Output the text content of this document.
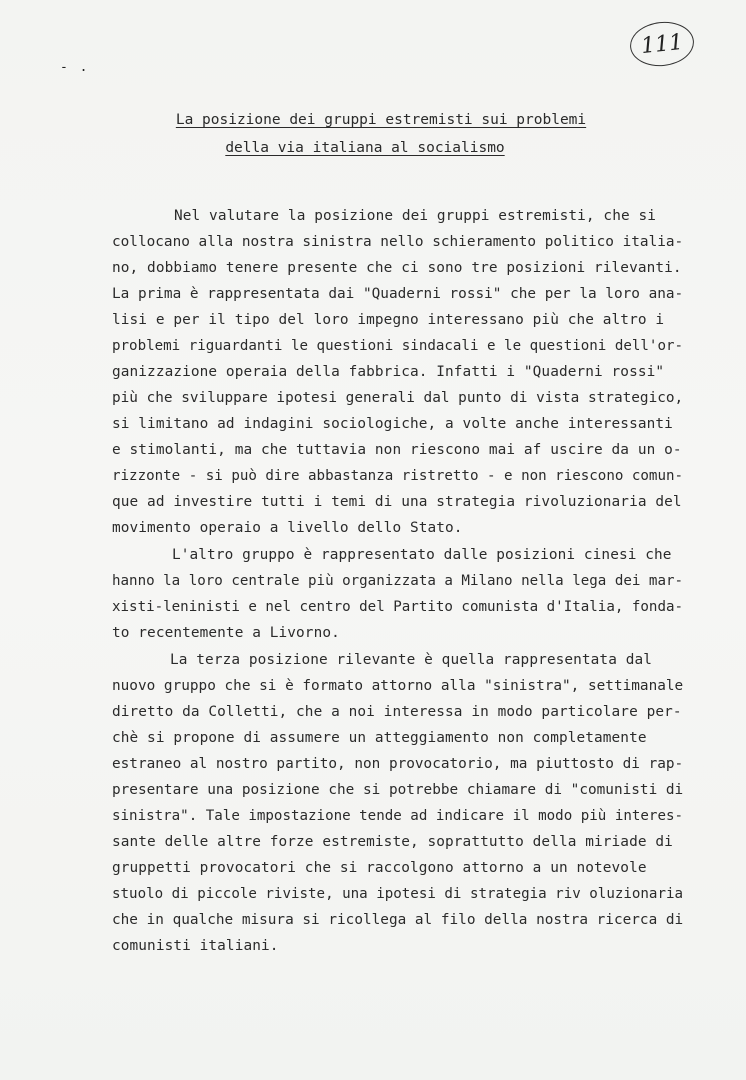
- .
111
La posizione dei gruppi estremisti sui problemi
della via italiana al socialismo
Nel valutare la posizione dei gruppi estremisti, che si
collocano alla nostra sinistra nello schieramento politico italia-
no, dobbiamo tenere presente che ci sono tre posizioni rilevanti.
La prima è rappresentata dai "Quaderni rossi" che per la loro ana-
lisi e per il tipo del loro impegno interessano più che altro i
problemi riguardanti le questioni sindacali e le questioni dell'or-
ganizzazione operaia della fabbrica. Infatti i "Quaderni rossi"
più che sviluppare ipotesi generali dal punto di vista strategico,
si limitano ad indagini sociologiche, a volte anche interessanti
e stimolanti, ma che tuttavia non riescono mai af uscire da un o-
rizzonte - si può dire abbastanza ristretto - e non riescono comun-
que ad investire tutti i temi di una strategia rivoluzionaria del
movimento operaio a livello dello Stato.
L'altro gruppo è rappresentato dalle posizioni cinesi che
hanno la loro centrale più organizzata a Milano nella lega dei mar-
xisti-leninisti e nel centro del Partito comunista d'Italia, fonda-
to recentemente a Livorno.
La terza posizione rilevante è quella rappresentata dal
nuovo gruppo che si è formato attorno alla "sinistra", settimanale
diretto da Colletti, che a noi interessa in modo particolare per-
chè si propone di assumere un atteggiamento non completamente
estraneo al nostro partito, non provocatorio, ma piuttosto di rap-
presentare una posizione che si potrebbe chiamare di "comunisti di
sinistra". Tale impostazione tende ad indicare il modo più interes-
sante delle altre forze estremiste, soprattutto della miriade di
gruppetti provocatori che si raccolgono attorno a un notevole
stuolo di piccole riviste, una ipotesi di strategia riv oluzionaria
che in qualche misura si ricollega al filo della nostra ricerca di
comunisti italiani.
